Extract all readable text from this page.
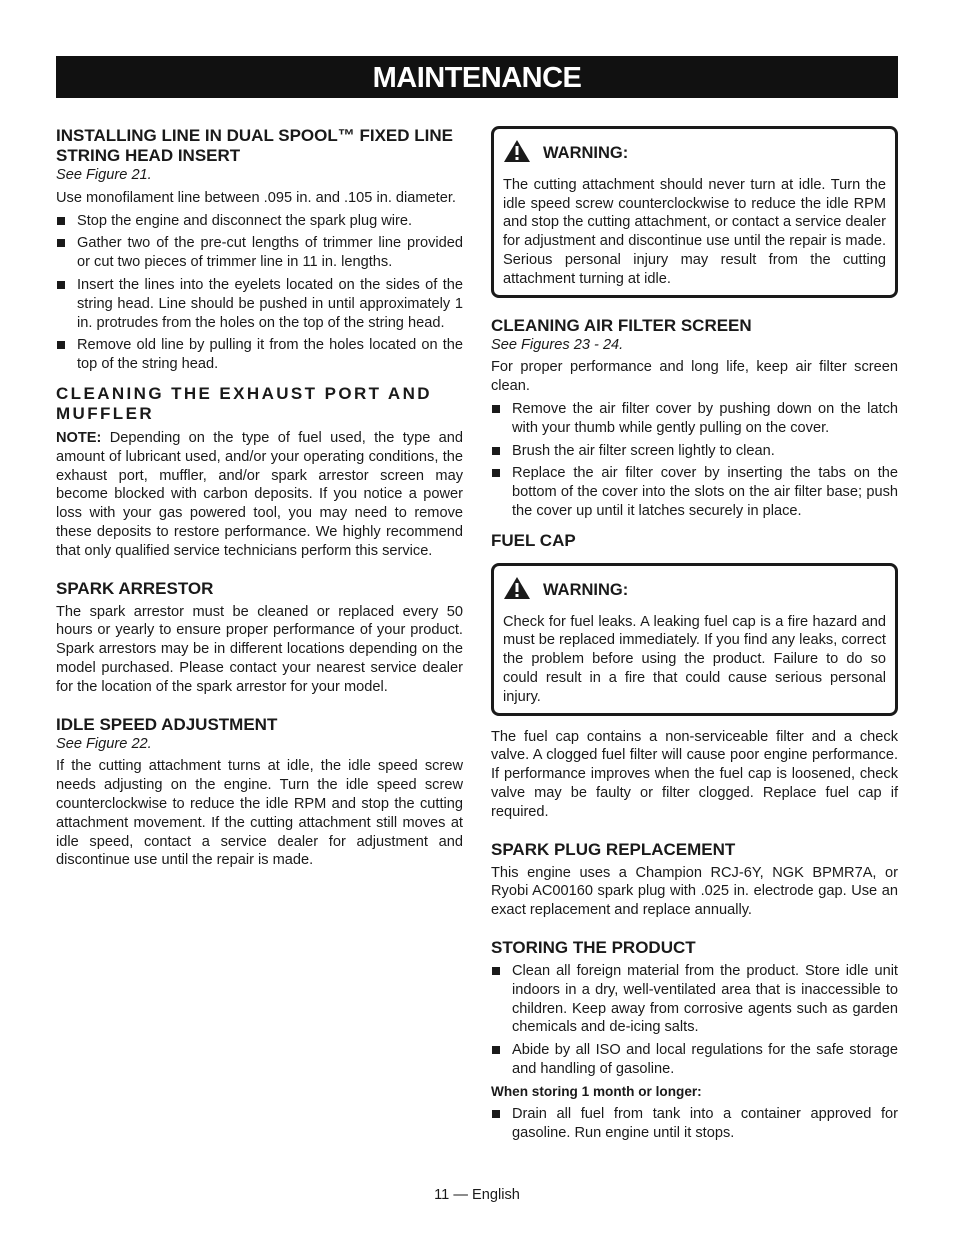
MAINTENANCE
INSTALLING LINE IN DUAL SPOOL™ FIXED LINE STRING HEAD INSERT

See Figure 21.

Use monofilament line between .095 in. and .105 in. diameter.

Stop the engine and disconnect the spark plug wire.
Gather two of the pre-cut lengths of trimmer line provided or cut two pieces of trimmer line in 11 in. lengths.
Insert the lines into the eyelets located on the sides of the string head. Line should be pushed in until approximately 1 in. protrudes from the holes on the top of the string head.
Remove old line by pulling it from the holes located on the top of the string head.
CLEANING THE EXHAUST PORT AND MUFFLER

NOTE: Depending on the type of fuel used, the type and amount of lubricant used, and/or your operating conditions, the exhaust port, muffler, and/or spark arrestor screen may become blocked with carbon deposits. If you notice a power loss with your gas powered tool, you may need to remove these deposits to restore performance. We highly recommend that only qualified service technicians perform this service.

SPARK ARRESTOR

The spark arrestor must be cleaned or replaced every 50 hours or yearly to ensure proper performance of your product. Spark arrestors may be in different locations depending on the model purchased. Please contact your nearest service dealer for the location of the spark arrestor for your model.

IDLE SPEED ADJUSTMENT

See Figure 22.

If the cutting attachment turns at idle, the idle speed screw needs adjusting on the engine. Turn the idle speed screw counterclockwise to reduce the idle RPM and stop the cutting attachment movement. If the cutting attachment still moves at idle speed, contact a service dealer for adjustment and discontinue use until the repair is made.

WARNING:

The cutting attachment should never turn at idle. Turn the idle speed screw counterclockwise to reduce the idle RPM and stop the cutting attachment, or contact a service dealer for adjustment and discontinue use until the repair is made. Serious personal injury may result from the cutting attachment turning at idle.

CLEANING AIR FILTER SCREEN

See Figures 23 - 24.

For proper performance and long life, keep air filter screen clean.

Remove the air filter cover by pushing down on the latch with your thumb while gently pulling on the cover.
Brush the air filter screen lightly to clean.
Replace the air filter cover by inserting the tabs on the bottom of the cover into the slots on the air filter base; push the cover up until it latches securely in place.
FUEL CAP
WARNING:

Check for fuel leaks. A leaking fuel cap is a fire hazard and must be replaced immediately. If you find any leaks, correct the problem before using the product. Failure to do so could result in a fire that could cause serious personal injury.

The fuel cap contains a non-serviceable filter and a check valve. A clogged fuel filter will cause poor engine performance. If performance improves when the fuel cap is loosened, check valve may be faulty or filter clogged. Replace fuel cap if required.

SPARK PLUG REPLACEMENT

This engine uses a Champion RCJ-6Y, NGK BPMR7A, or Ryobi AC00160 spark plug with .025 in. electrode gap. Use an exact replacement and replace annually.

STORING THE PRODUCT
Clean all foreign material from the product. Store idle unit indoors in a dry, well-ventilated area that is inaccessible to children. Keep away from corrosive agents such as garden chemicals and de-icing salts.
Abide by all ISO and local regulations for the safe storage and handling of gasoline.

When storing 1 month or longer:

Drain all fuel from tank into a container approved for gasoline. Run engine until it stops.
11 — English
